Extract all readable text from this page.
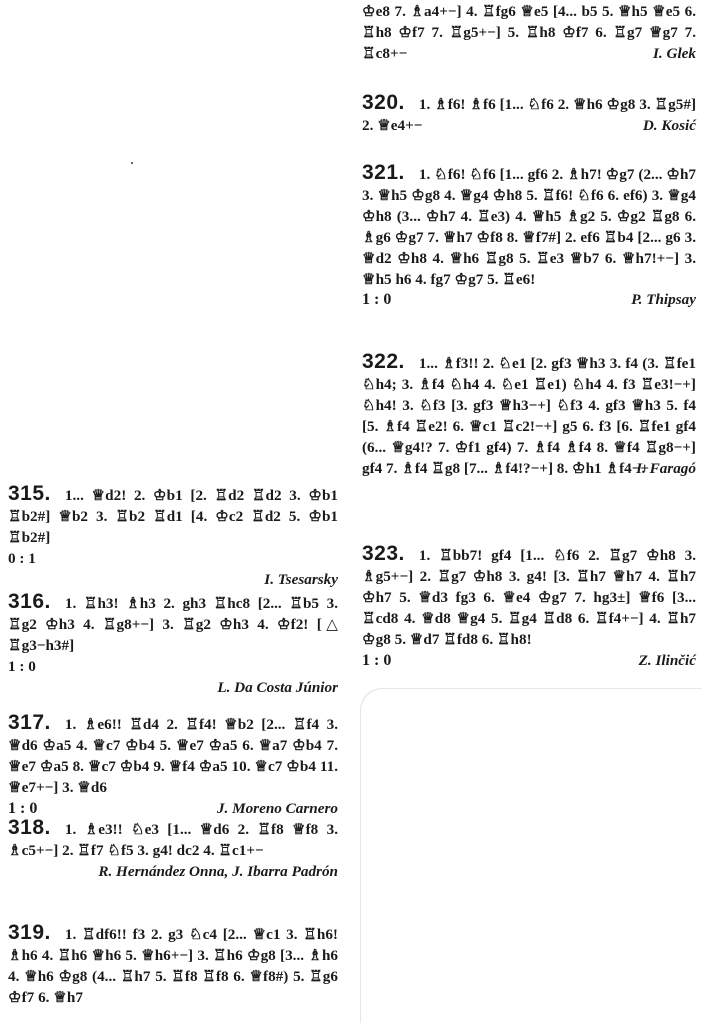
315. 1... ♕d2! 2. ♔b1 [2. ♖d2 ♖d2 3. ♔b1 ♖b2#] ♕b2 3. ♖b2 ♖d1 [4. ♔c2 ♖d2 5. ♔b1 ♖b2#]

0 : 1

I. Tsesarsky

316. 1. ♖h3! ♗h3 2. gh3 ♖hc8 [2... ♖b5 3. ♖g2 ♔h3 4. ♖g8+−] 3. ♖g2 ♔h3 4. ♔f2! [△ ♖g3−h3#]

1 : 0

L. Da Costa Júnior

317. 1. ♗e6!! ♖d4 2. ♖f4! ♕b2 [2... ♖f4 3. ♕d6 ♔a5 4. ♕c7 ♔b4 5. ♕e7 ♔a5 6. ♕a7 ♔b4 7. ♕e7 ♔a5 8. ♕c7 ♔b4 9. ♕f4 ♔a5 10. ♕c7 ♔b4 11. ♕e7+−] 3. ♕d6

1 : 0	J. Moreno Carnero

318. 1. ♗e3!! ♘e3 [1... ♕d6 2. ♖f8 ♕f8 3. ♗c5+−] 2. ♖f7 ♘f5 3. g4! dc2 4. ♖c1+−

R. Hernández Onna, J. Ibarra Padrón

319. 1. ♖df6!! f3 2. g3 ♘c4 [2... ♕c1 3. ♖h6! ♗h6 4. ♖h6 ♕h6 5. ♕h6+−] 3. ♖h6 ♔g8 [3... ♗h6 4. ♕h6 ♔g8 (4... ♖h7 5. ♖f8 ♖f8 6. ♕f8#) 5. ♖g6 ♔f7 6. ♕h7

♔e8 7. ♗a4+−] 4. ♖fg6 ♕e5 [4... b5 5. ♕h5 ♕e5 6. ♖h8 ♔f7 7. ♖g5+−] 5. ♖h8 ♔f7 6. ♖g7 ♕g7 7. ♖c8+−	I. Glek

320. 1. ♗f6! ♗f6 [1... ♘f6 2. ♕h6 ♔g8 3. ♖g5#] 2. ♕e4+−	D. Kosić

321. 1. ♘f6! ♘f6 [1... gf6 2. ♗h7! ♔g7 (2... ♔h7 3. ♕h5 ♔g8 4. ♕g4 ♔h8 5. ♖f6! ♘f6 6. ef6) 3. ♕g4 ♔h8 (3... ♔h7 4. ♖e3) 4. ♕h5 ♗g2 5. ♔g2 ♖g8 6. ♗g6 ♔g7 7. ♕h7 ♔f8 8. ♕f7#] 2. ef6 ♖b4 [2... g6 3. ♕d2 ♔h8 4. ♕h6 ♖g8 5. ♖e3 ♕b7 6. ♕h7!+−] 3. ♕h5 h6 4. fg7 ♔g7 5. ♖e6!

1 : 0	P. Thipsay

322. 1... ♗f3!! 2. ♘e1 [2. gf3 ♕h3 3. f4 (3. ♖fe1 ♘h4; 3. ♗f4 ♘h4 4. ♘e1 ♖e1) ♘h4 4. f3 ♖e3!−+] ♘h4! 3. ♘f3 [3. gf3 ♕h3−+] ♘f3 4. gf3 ♕h3 5. f4 [5. ♗f4 ♖e2! 6. ♕c1 ♖c2!−+] g5 6. f3 [6. ♖fe1 gf4 (6... ♕g4!? 7. ♔f1 gf4) 7. ♗f4 ♗f4 8. ♕f4 ♖g8−+] gf4 7. ♗f4 ♖g8 [7... ♗f4!?−+] 8. ♔h1 ♗f4−+

I. Faragó

323. 1. ♖bb7! gf4 [1... ♘f6 2. ♖g7 ♔h8 3. ♗g5+−] 2. ♖g7 ♔h8 3. g4! [3. ♖h7 ♕h7 4. ♖h7 ♔h7 5. ♕d3 fg3 6. ♕e4 ♔g7 7. hg3±] ♕f6 [3... ♖cd8 4. ♕d8 ♕g4 5. ♖g4 ♖d8 6. ♖f4+−] 4. ♖h7 ♔g8 5. ♕d7 ♖fd8 6. ♖h8!

1 : 0	Z. Ilinčić
